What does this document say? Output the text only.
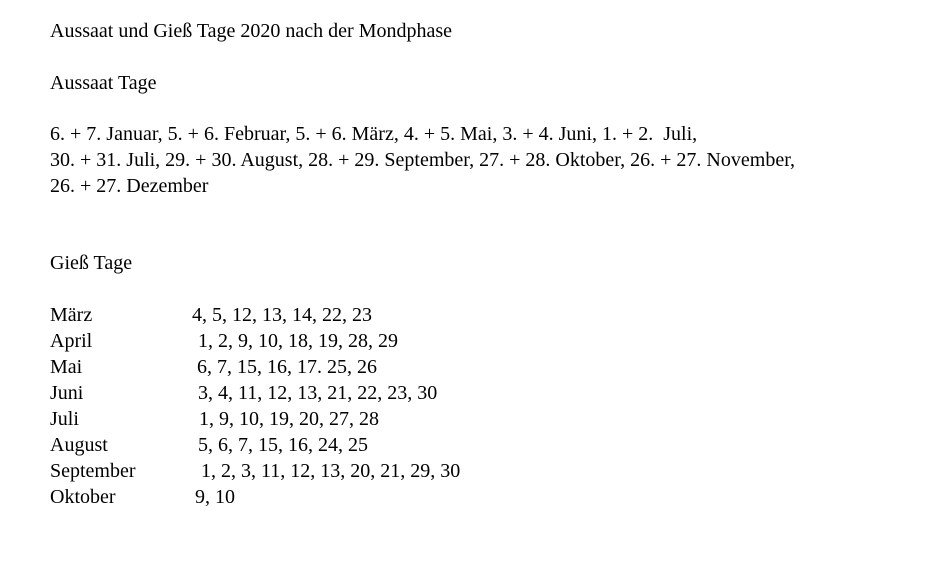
Aussaat und Gieß Tage 2020 nach der Mondphase
Aussaat Tage
6. + 7. Januar, 5. + 6. Februar, 5. + 6. März, 4. + 5. Mai, 3. + 4. Juni, 1. + 2.  Juli,
30. + 31. Juli, 29. + 30. August, 28. + 29. September, 27. + 28. Oktober, 26. + 27. November,
26. + 27. Dezember
Gieß Tage

März

	4, 5, 12, 13, 14, 22, 23

April

	1, 2, 9, 10, 18, 19, 28, 29

Mai

	6, 7, 15, 16, 17. 25, 26

Juni

	3, 4, 11, 12, 13, 21, 22, 23, 30

Juli

	1, 9, 10, 19, 20, 27, 28

August

	5, 6, 7, 15, 16, 24, 25

September

	1, 2, 3, 11, 12, 13, 20, 21, 29, 30

Oktober

	9, 10
